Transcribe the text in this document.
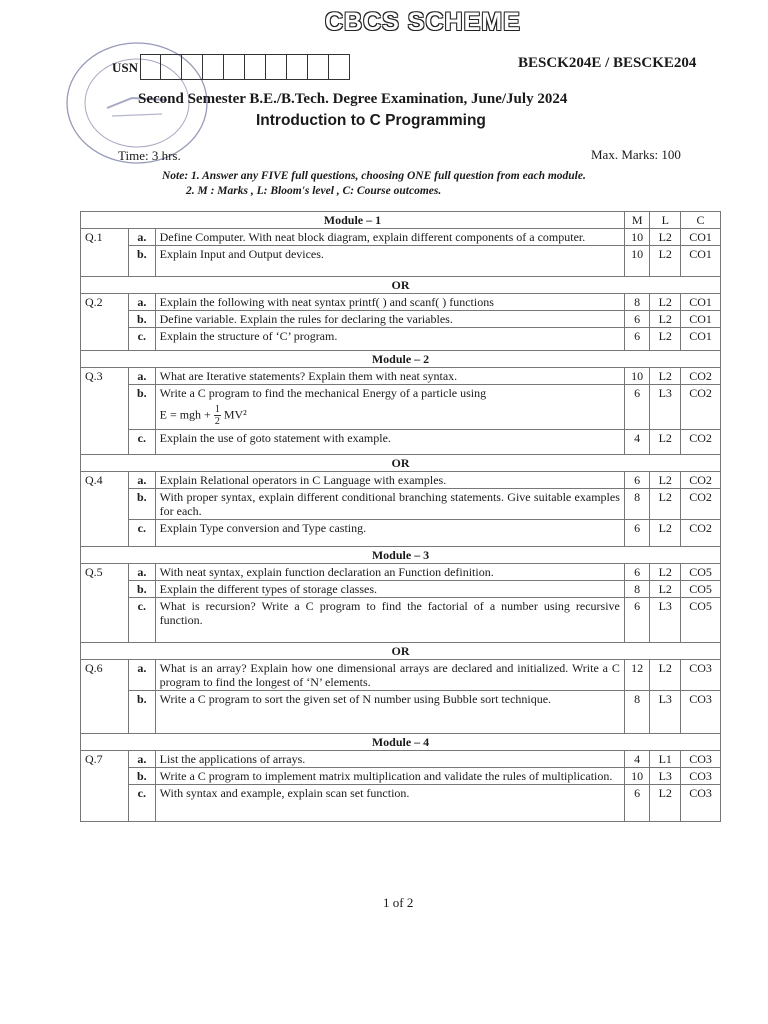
CBCS SCHEME
USN	BESCK204E / BESCKE204
Second Semester B.E./B.Tech. Degree Examination, June/July 2024
Introduction to C Programming
Time: 3 hrs.	Max. Marks: 100
Note: 1. Answer any FIVE full questions, choosing ONE full question from each module.
2. M : Marks , L: Bloom's level , C: Course outcomes.
Module – 1			M	L	C
Q.1	a.	Define Computer. With neat block diagram, explain different components of a computer.	10	L2	CO1
	b.	Explain Input and Output devices.	10	L2	CO1
OR					
Q.2	a.	Explain the following with neat syntax printf( ) and scanf( ) functions	8	L2	CO1
	b.	Define variable. Explain the rules for declaring the variables.	6	L2	CO1
	c.	Explain the structure of ‘C’ program.	6	L2	CO1
Module – 2					
Q.3	a.	What are Iterative statements? Explain them with neat syntax.	10	L2	CO2
	b.	Write a C program to find the mechanical Energy of a particle using
E = mgh + $\frac{1}{2} MV^2$	6	L3	CO2
	c.	Explain the use of goto statement with example.	4	L2	CO2
OR					
Q.4	a.	Explain Relational operators in C Language with examples.	6	L2	CO2
	b.	With proper syntax, explain different conditional branching statements. Give suitable examples for each.	8	L2	CO2
	c.	Explain Type conversion and Type casting.	6	L2	CO2
Module – 3					
Q.5	a.	With neat syntax, explain function declaration an Function definition.	6	L2	CO5
	b.	Explain the different types of storage classes.	8	L2	CO5
	c.	What is recursion? Write a C program to find the factorial of a number using recursive function.	6	L3	CO5
OR					
Q.6	a.	What is an array? Explain how one dimensional arrays are declared and initialized. Write a C program to find the longest of ‘N’ elements.	12	L2	CO3
	b.	Write a C program to sort the given set of N number using Bubble sort technique.	8	L3	CO3
Module – 4					
Q.7	a.	List the applications of arrays.	4	L1	CO3
	b.	Write a C program to implement matrix multiplication and validate the rules of multiplication.	10	L3	CO3
	c.	With syntax and example, explain scan set function.	6	L2	CO3
1 of 2
